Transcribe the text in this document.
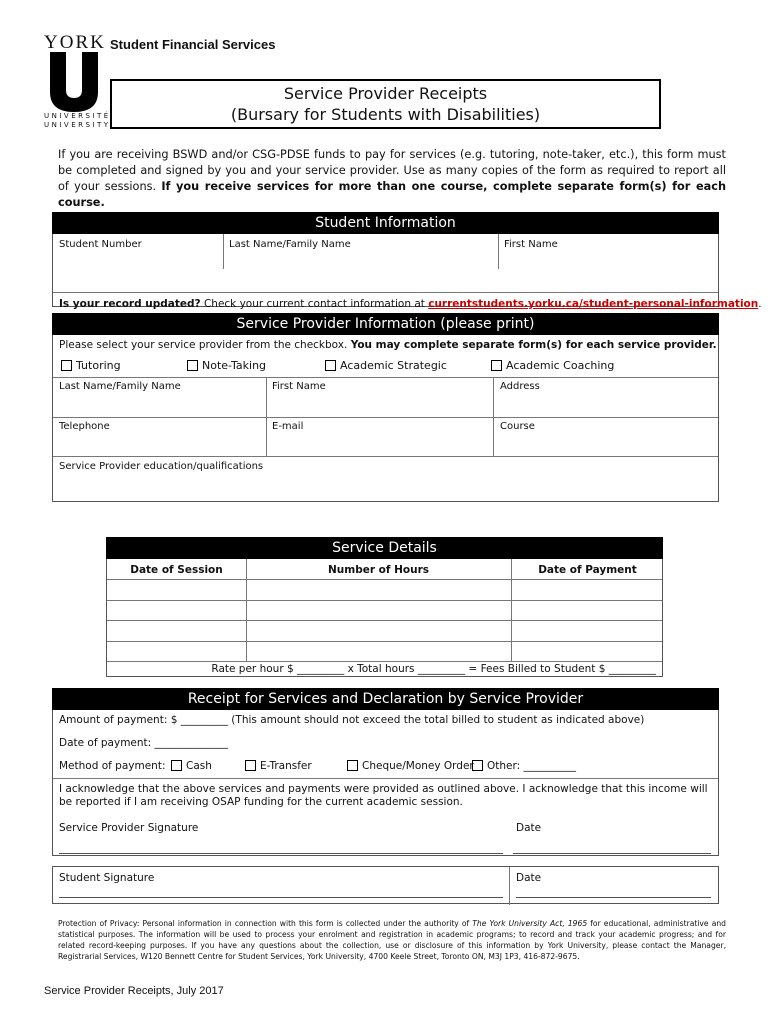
YORK
UNIVERSITÉ
UNIVERSITY
Student Financial Services
Service Provider Receipts
(Bursary for Students with Disabilities)
If you are receiving BSWD and/or CSG-PDSE funds to pay for services (e.g. tutoring, note-taker, etc.), this form must be completed and signed by you and your service provider. Use as many copies of the form as required to report all of your sessions. If you receive services for more than one course, complete separate form(s) for each course.
Student Information
Student Number	Last Name/Family Name	First Name
Is your record updated? Check your current contact information at currentstudents.yorku.ca/student-personal-information.
Service Provider Information (please print)
Please select your service provider from the checkbox. You may complete separate form(s) for each service provider.
Tutoring	Note-Taking	Academic Strategic	Academic Coaching
Last Name/Family Name	First Name	Address
Telephone	E-mail	Course
Service Provider education/qualifications
Service Details
Date of Session	Number of Hours	Date of Payment
Rate per hour $ _________ x Total hours _________ = Fees Billed to Student $ _________
Receipt for Services and Declaration by Service Provider
Amount of payment: $ _________ (This amount should not exceed the total billed to student as indicated above)
Date of payment: ______________
Method of payment:	Cash	E-Transfer	Cheque/Money Order	Other: __________
I acknowledge that the above services and payments were provided as outlined above. I acknowledge that this income will be reported if I am receiving OSAP funding for the current academic session.
Service Provider Signature	Date
Student Signature	Date
Protection of Privacy: Personal information in connection with this form is collected under the authority of The York University Act, 1965 for educational, administrative and statistical purposes. The information will be used to process your enrolment and registration in academic programs; to record and track your academic progress; and for related record-keeping purposes. If you have any questions about the collection, use or disclosure of this information by York University, please contact the Manager, Registrarial Services, W120 Bennett Centre for Student Services, York University, 4700 Keele Street, Toronto ON, M3J 1P3, 416-872-9675.
Service Provider Receipts, July 2017
